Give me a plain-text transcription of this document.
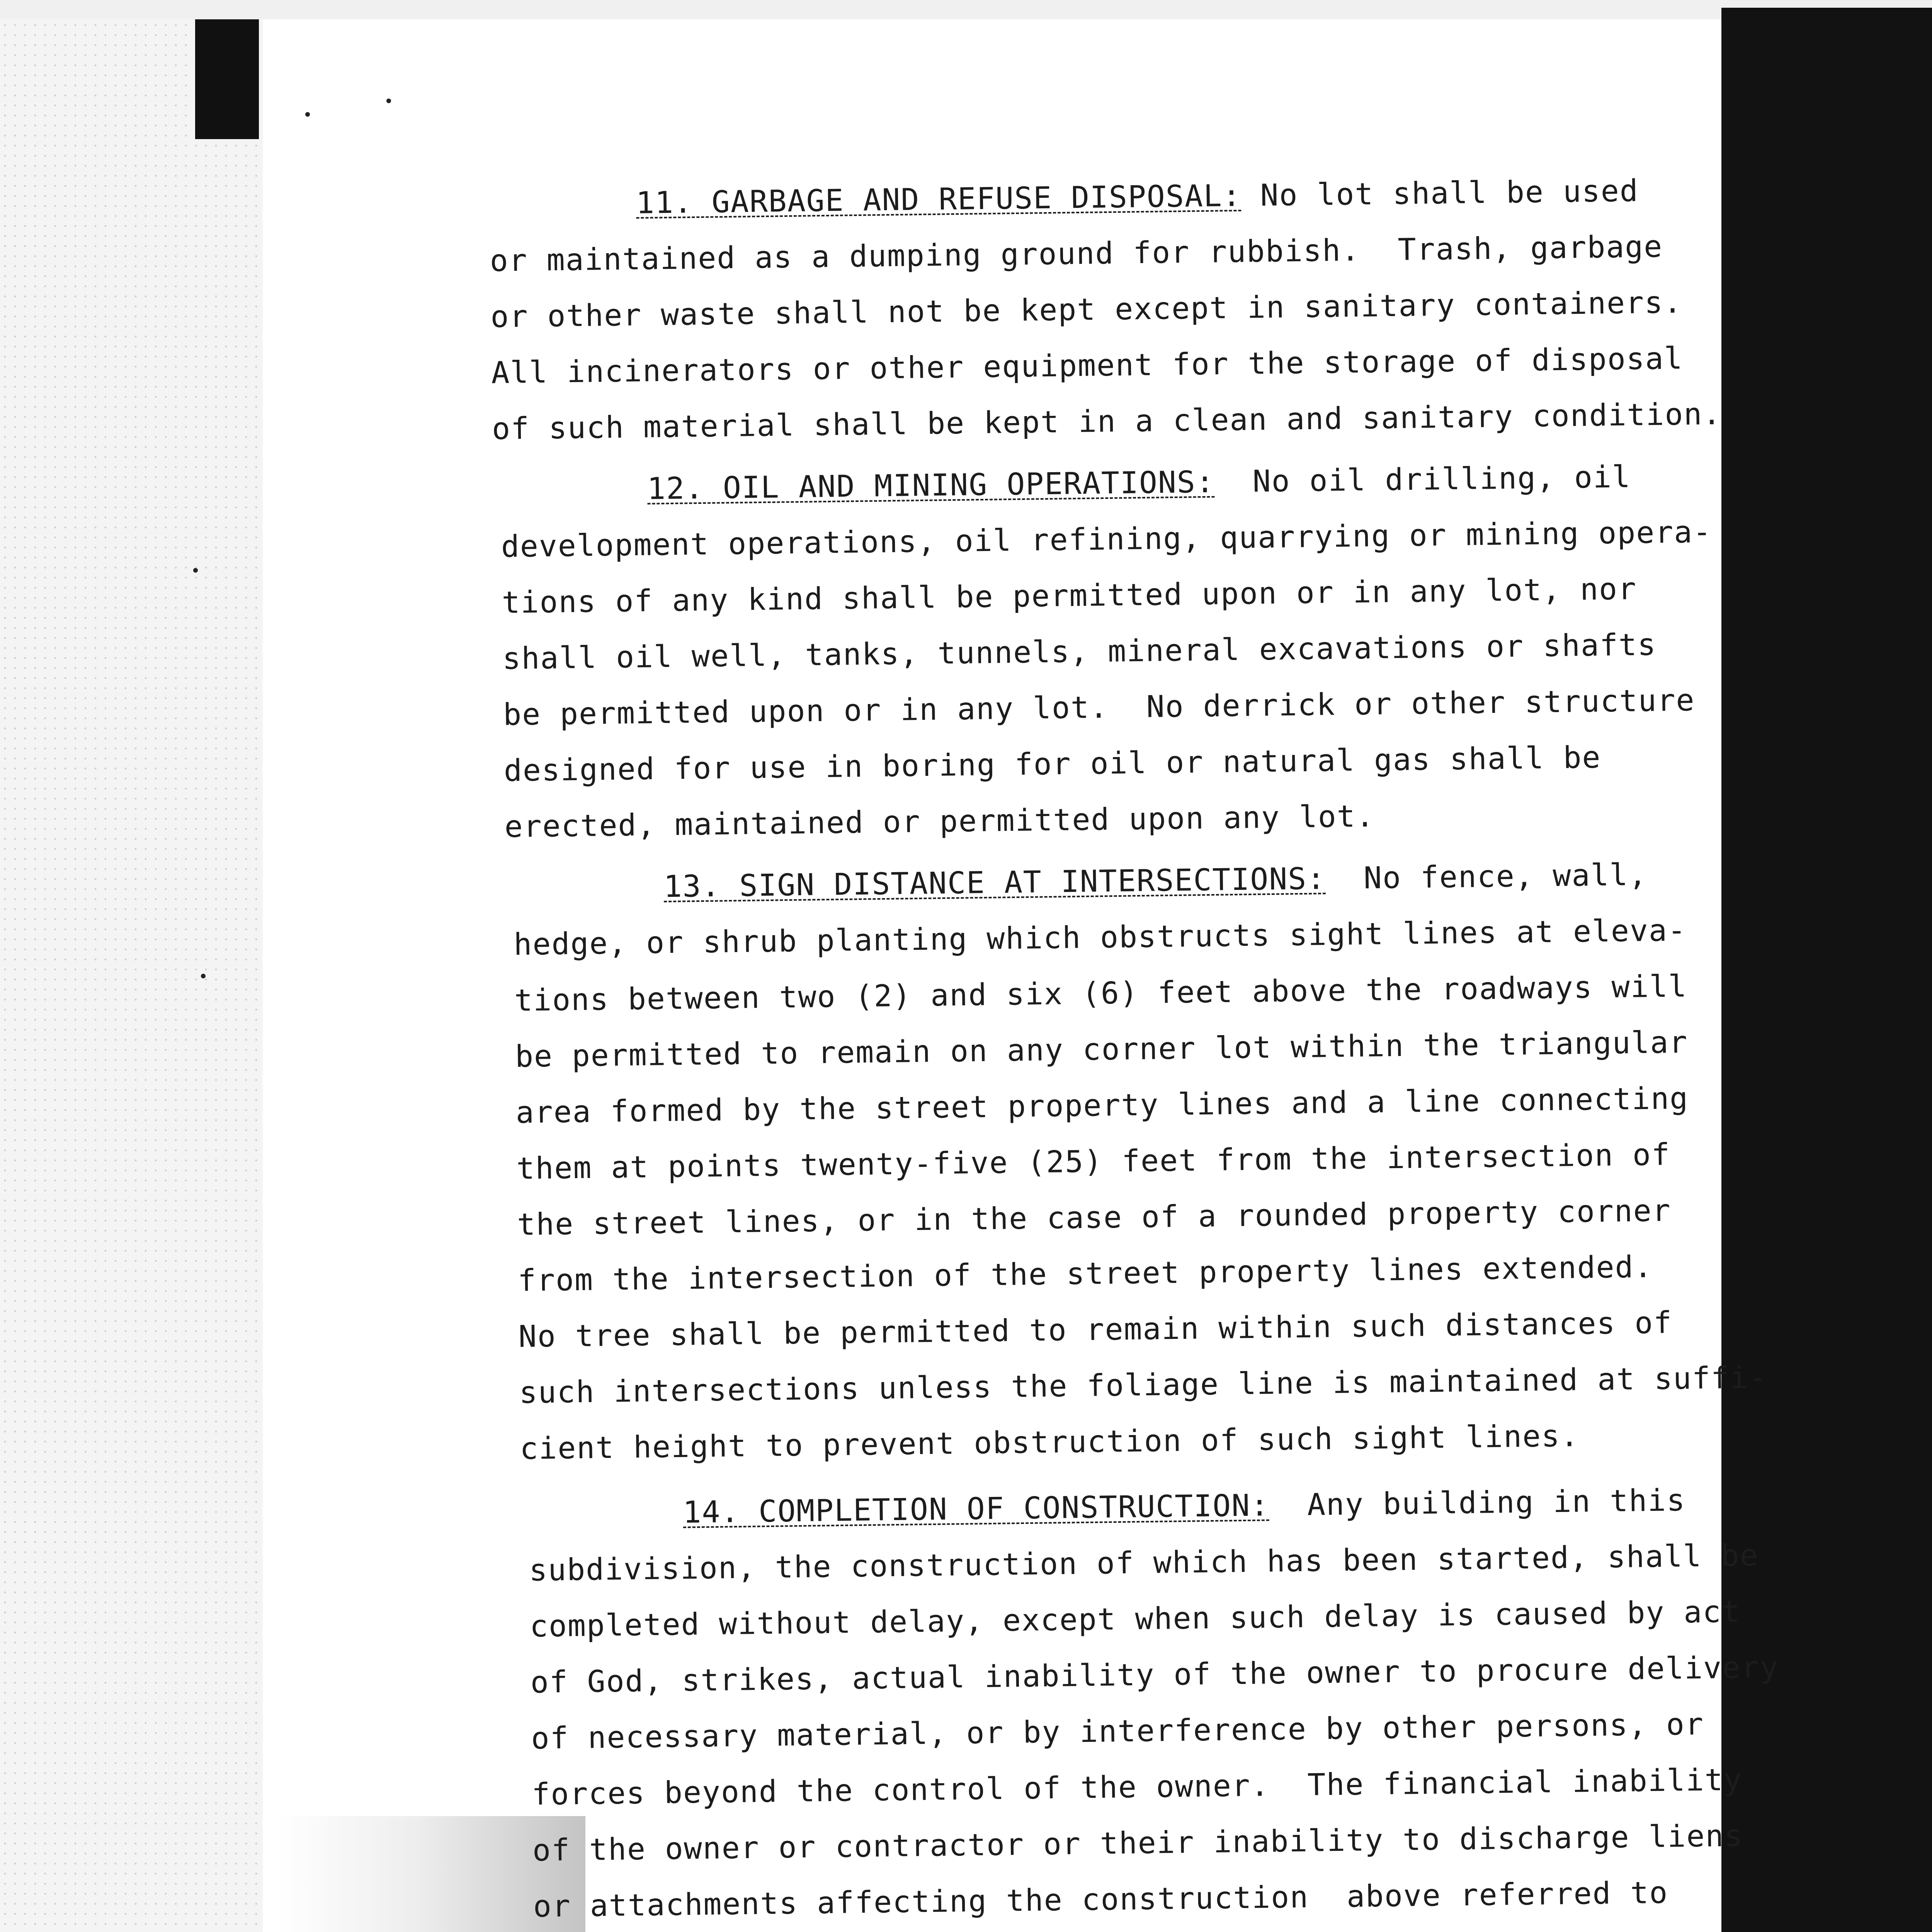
11. GARBAGE AND REFUSE DISPOSAL: No lot shall be used
or maintained as a dumping ground for rubbish.  Trash, garbage
or other waste shall not be kept except in sanitary containers.
All incinerators or other equipment for the storage of disposal
of such material shall be kept in a clean and sanitary condition.
12. OIL AND MINING OPERATIONS:  No oil drilling, oil
development operations, oil refining, quarrying or mining opera-
tions of any kind shall be permitted upon or in any lot, nor
shall oil well, tanks, tunnels, mineral excavations or shafts
be permitted upon or in any lot.  No derrick or other structure
designed for use in boring for oil or natural gas shall be
erected, maintained or permitted upon any lot.
13. SIGN DISTANCE AT INTERSECTIONS:  No fence, wall,
hedge, or shrub planting which obstructs sight lines at eleva-
tions between two (2) and six (6) feet above the roadways will
be permitted to remain on any corner lot within the triangular
area formed by the street property lines and a line connecting
them at points twenty-five (25) feet from the intersection of
the street lines, or in the case of a rounded property corner
from the intersection of the street property lines extended.
No tree shall be permitted to remain within such distances of
such intersections unless the foliage line is maintained at suffi-
cient height to prevent obstruction of such sight lines.
14. COMPLETION OF CONSTRUCTION:  Any building in this
subdivision, the construction of which has been started, shall be
completed without delay, except when such delay is caused by act
of God, strikes, actual inability of the owner to procure delivery
of necessary material, or by interference by other persons, or
forces beyond the control of the owner.  The financial inability
of the owner or contractor or their inability to discharge liens
or attachments affecting the construction  above referred to
